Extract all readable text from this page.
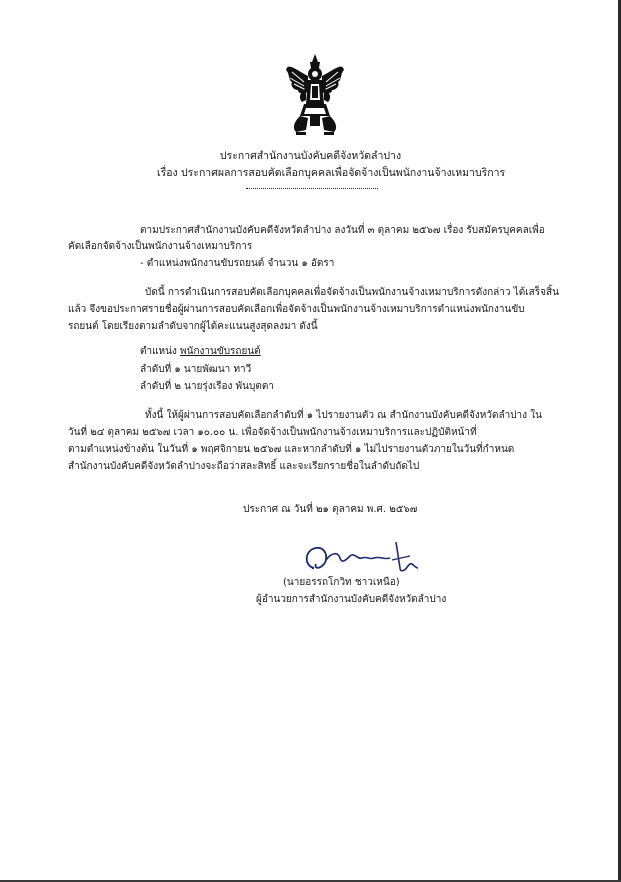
ประกาศสำนักงานบังคับคดีจังหวัดลำปาง
เรื่อง ประกาศผลการสอบคัดเลือกบุคคลเพื่อจัดจ้างเป็นพนักงานจ้างเหมาบริการ
ตามประกาศสำนักงานบังคับคดีจังหวัดลำปาง ลงวันที่ ๓ ตุลาคม ๒๕๖๗ เรื่อง รับสมัครบุคคลเพื่อ
คัดเลือกจัดจ้างเป็นพนักงานจ้างเหมาบริการ
- ตำแหน่งพนักงานขับรถยนต์ จำนวน ๑ อัตรา
บัดนี้ การดำเนินการสอบคัดเลือกบุคคลเพื่อจัดจ้างเป็นพนักงานจ้างเหมาบริการดังกล่าว ได้เสร็จสิ้น
แล้ว จึงขอประกาศรายชื่อผู้ผ่านการสอบคัดเลือกเพื่อจัดจ้างเป็นพนักงานจ้างเหมาบริการตำแหน่งพนักงานขับ
รถยนต์ โดยเรียงตามลำดับจากผู้ได้คะแนนสูงสุดลงมา ดังนี้
ตำแหน่ง พนักงานขับรถยนต์
ลำดับที่ ๑ นายพัฒนา ทาวี
ลำดับที่ ๒ นายรุ่งเรือง พันบุตตา
ทั้งนี้ ให้ผู้ผ่านการสอบคัดเลือกลำดับที่ ๑ ไปรายงานตัว ณ สำนักงานบังคับคดีจังหวัดลำปาง ใน
วันที่ ๒๔ ตุลาคม ๒๕๖๗ เวลา ๑๐.๐๐ น. เพื่อจัดจ้างเป็นพนักงานจ้างเหมาบริการและปฏิบัติหน้าที่
ตามตำแหน่งข้างต้น ในวันที่ ๑ พฤศจิกายน ๒๕๖๗ และหากลำดับที่ ๑ ไม่ไปรายงานตัวภายในวันที่กำหนด
สำนักงานบังคับคดีจังหวัดลำปางจะถือว่าสละสิทธิ์ และจะเรียกรายชื่อในลำดับถัดไป
ประกาศ ณ วันที่ ๒๑ ตุลาคม พ.ศ. ๒๕๖๗
(นายอรรถโกวิท ชาวเหนือ)
ผู้อำนวยการสำนักงานบังคับคดีจังหวัดลำปาง
